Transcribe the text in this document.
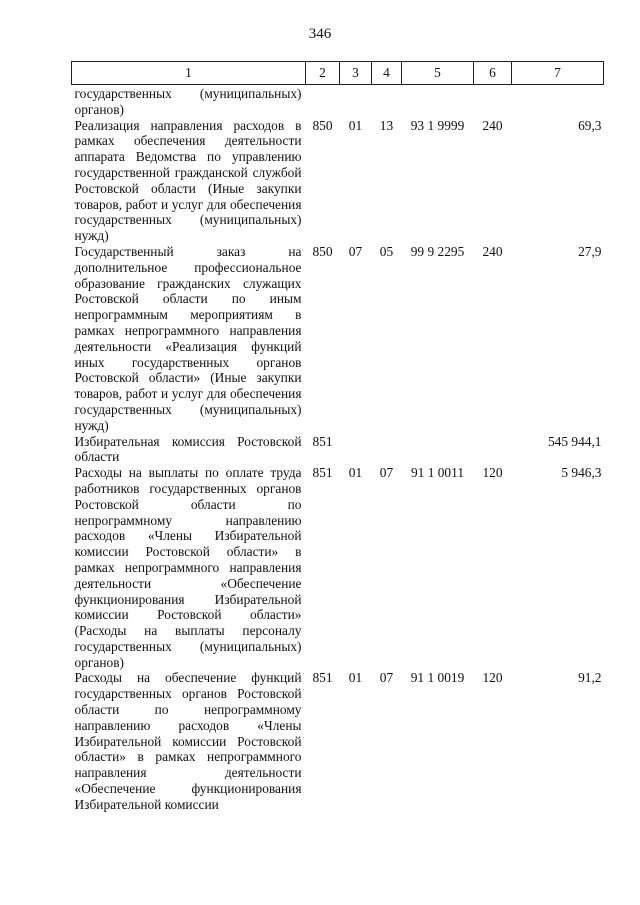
346
1	2	3	4	5	6	7
государственных (муниципальных) органов)						
Реализация направления расходов в рамках обеспечения деятельности аппарата Ведомства по управлению государственной гражданской службой Ростовской области (Иные закупки товаров, работ и услуг для обеспечения государственных (муниципальных) нужд)	850	01	13	93 1 9999	240	69,3
Государственный заказ на дополнительное профессиональное образование гражданских служащих Ростовской области по иным непрограммным мероприятиям в рамках непрограммного направления деятельности «Реализация функций иных государственных органов Ростовской области» (Иные закупки товаров, работ и услуг для обеспечения государственных (муниципальных) нужд)	850	07	05	99 9 2295	240	27,9
Избирательная комиссия Ростовской области	851					545 944,1
Расходы на выплаты по оплате труда работников государственных органов Ростовской области по непрограммному направлению расходов «Члены Избирательной комиссии Ростовской области» в рамках непрограммного направления деятельности «Обеспечение функционирования Избирательной комиссии Ростовской области» (Расходы на выплаты персоналу государственных (муниципальных) органов)	851	01	07	91 1 0011	120	5 946,3
Расходы на обеспечение функций государственных органов Ростовской области по непрограммному направлению расходов «Члены Избирательной комиссии Ростовской области» в рамках непрограммного направления деятельности «Обеспечение функционирования Избирательной комиссии	851	01	07	91 1 0019	120	91,2
